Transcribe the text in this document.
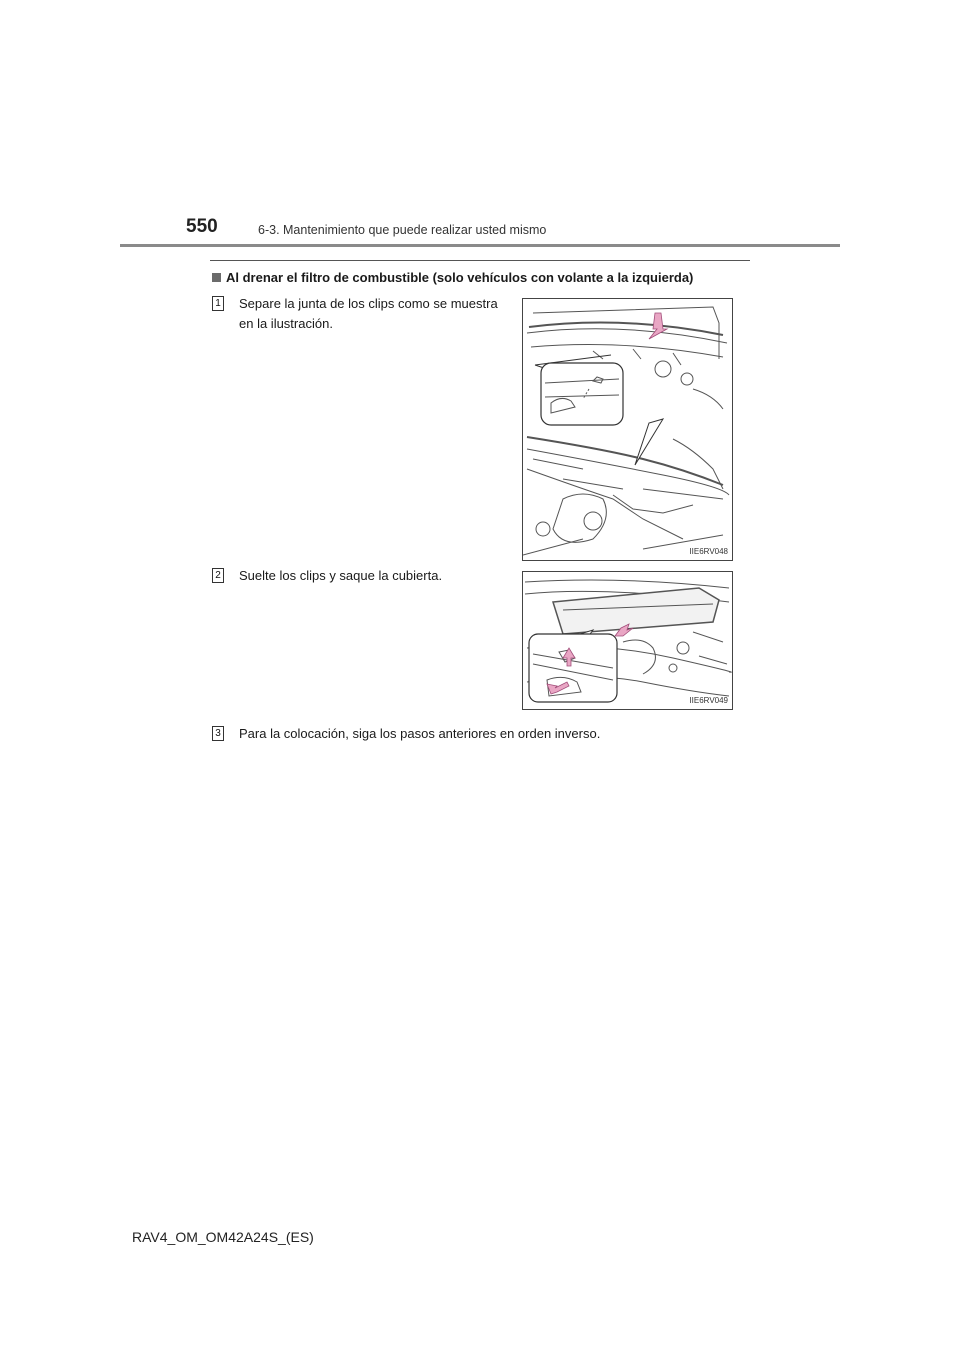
550	6-3. Mantenimiento que puede realizar usted mismo
Al drenar el filtro de combustible (solo vehículos con volante a la izquierda)
1 Separe la junta de los clips como se muestra
en la ilustración.
IIE6RV048
2 Suelte los clips y saque la cubierta.
IIE6RV049
3 Para la colocación, siga los pasos anteriores en orden inverso.
RAV4_OM_OM42A24S_(ES)
